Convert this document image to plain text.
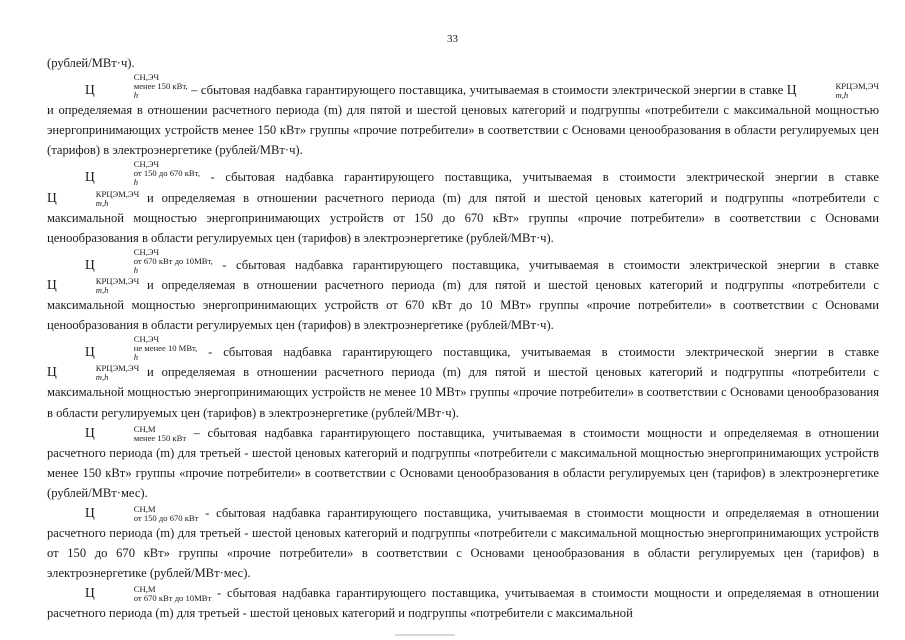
33

(рублей/МВт·ч).

Ц
СН,ЭЧ
менее 150 кВт,
h	– сбытовая надбавка гарантирующего поставщика, учитываемая в стоимости электрической энергии в ставке Ц	КРЦЭМ,ЭЧ
m,h
и определяемая в отношении расчетного периода (m) для пятой и шестой ценовых категорий и подгруппы «потребители с максимальной мощностью энергопринимающих устройств менее 150 кВт» группы «прочие потребители» в соответствии с Основами ценообразования в области регулируемых цен (тарифов) в электроэнергетике (рублей/МВт·ч).

Ц
СН,ЭЧ
от 150 до 670 кВт,
h	- сбытовая надбавка гарантирующего поставщика, учитываемая в стоимости электрической энергии в ставке Ц	КРЦЭМ,ЭЧ
m,h	и определяемая в отношении расчетного периода (m) для пятой и шестой ценовых категорий и подгруппы «потребители с максимальной мощностью энергопринимающих устройств от 150 до 670 кВт» группы «прочие потребители» в соответствии с Основами ценообразования в области регулируемых цен (тарифов) в электроэнергетике (рублей/МВт·ч).

Ц
СН,ЭЧ
от 670 кВт до 10МВт,
h	- сбытовая надбавка гарантирующего поставщика, учитываемая в стоимости электрической энергии в ставке Ц	КРЦЭМ,ЭЧ
m,h	и определяемая в отношении расчетного периода (m) для пятой и шестой ценовых категорий и подгруппы «потребители с максимальной мощностью энергопринимающих устройств от 670 кВт до 10 МВт» группы «прочие потребители» в соответствии с Основами ценообразования в области регулируемых цен (тарифов) в электроэнергетике (рублей/МВт·ч).

Ц
СН,ЭЧ
не менее 10 МВт,
h	- сбытовая надбавка гарантирующего поставщика, учитываемая в стоимости электрической энергии в ставке Ц	КРЦЭМ,ЭЧ
m,h	и определяемая в отношении расчетного периода (m) для пятой и шестой ценовых категорий и подгруппы «потребители с максимальной мощностью энергопринимающих устройств не менее 10 МВт» группы «прочие потребители» в соответствии с Основами ценообразования в области регулируемых цен (тарифов) в электроэнергетике (рублей/МВт·ч).

Ц	СН,М
менее 150 кВт – сбытовая надбавка гарантирующего поставщика, учитываемая в стоимости мощности и определяемая в отношении расчетного периода (m) для третьей - шестой ценовых категорий и подгруппы «потребители с максимальной мощностью энергопринимающих устройств менее 150 кВт» группы «прочие потребители» в соответствии с Основами ценообразования в области регулируемых цен (тарифов) в электроэнергетике (рублей/МВт·мес).

Ц	СН,М
от 150 до 670 кВт - сбытовая надбавка гарантирующего поставщика, учитываемая в стоимости мощности и определяемая в отношении расчетного периода (m) для третьей - шестой ценовых категорий и подгруппы «потребители с максимальной мощностью энергопринимающих устройств от 150 до 670 кВт» группы «прочие потребители» в соответствии с Основами ценообразования в области регулируемых цен (тарифов) в электроэнергетике (рублей/МВт·мес).

Ц	СН,М
от 670 кВт до 10МВт - сбытовая надбавка гарантирующего поставщика, учитываемая в стоимости мощности и определяемая в отношении расчетного периода (m) для третьей - шестой ценовых категорий и подгруппы «потребители с максимальной
